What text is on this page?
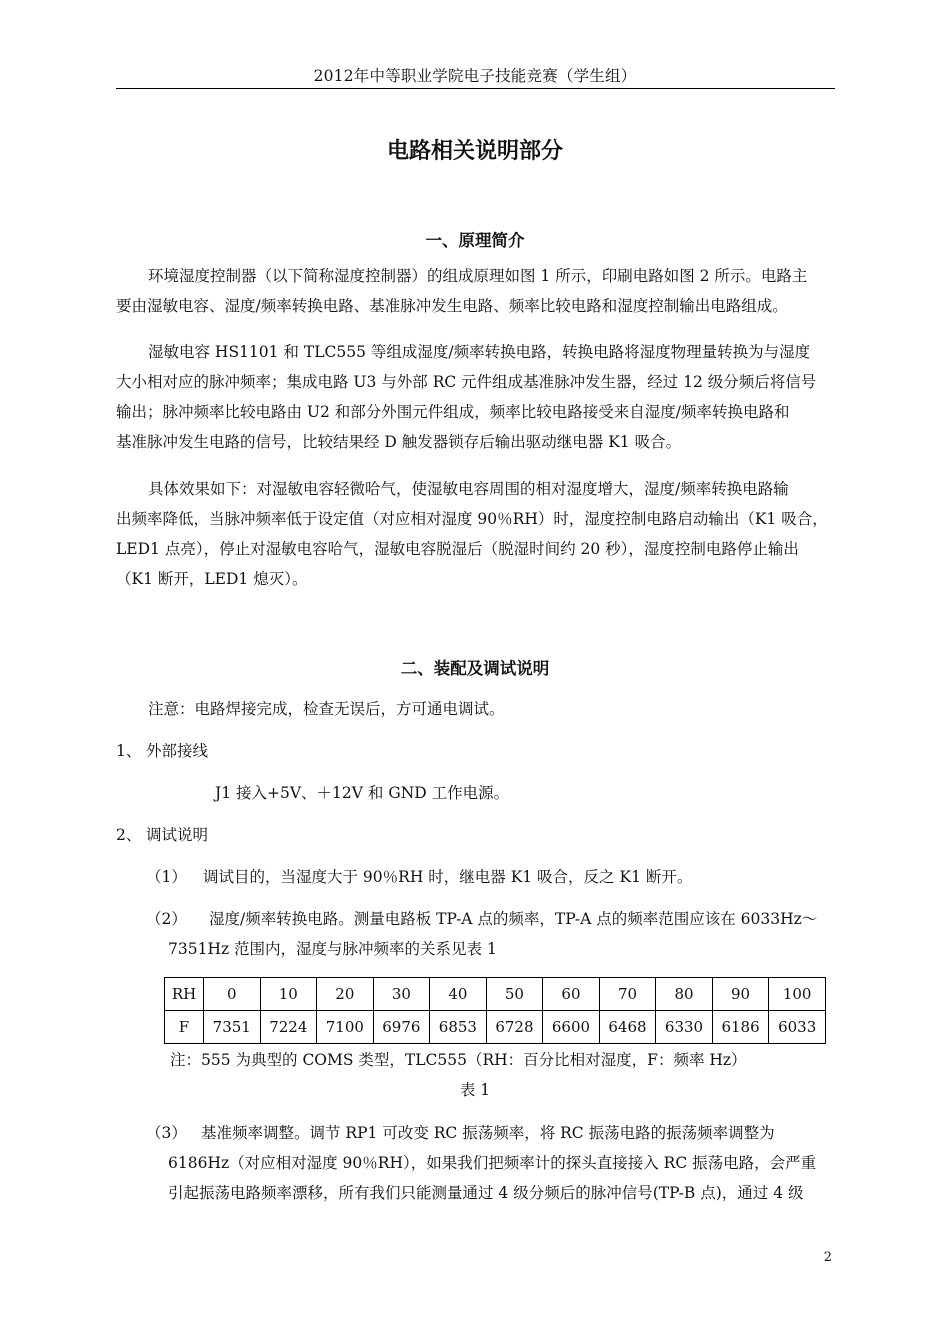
2012年中等职业学院电子技能竞赛（学生组）
电路相关说明部分
一、原理简介
环境湿度控制器（以下简称湿度控制器）的组成原理如图 1 所示，印刷电路如图 2 所示。电路主
要由湿敏电容、湿度/频率转换电路、基准脉冲发生电路、频率比较电路和湿度控制输出电路组成。
湿敏电容 HS1101 和 TLC555 等组成湿度/频率转换电路，转换电路将湿度物理量转换为与湿度
大小相对应的脉冲频率；集成电路 U3 与外部 RC 元件组成基准脉冲发生器，经过 12 级分频后将信号
输出；脉冲频率比较电路由 U2 和部分外围元件组成，频率比较电路接受来自湿度/频率转换电路和
基准脉冲发生电路的信号，比较结果经 D 触发器锁存后输出驱动继电器 K1 吸合。
具体效果如下：对湿敏电容轻微哈气，使湿敏电容周围的相对湿度增大，湿度/频率转换电路输
出频率降低，当脉冲频率低于设定值（对应相对湿度 90％RH）时，湿度控制电路启动输出（K1 吸合，
LED1 点亮），停止对湿敏电容哈气，湿敏电容脱湿后（脱湿时间约 20 秒），湿度控制电路停止输出
（K1 断开，LED1 熄灭）。
二、装配及调试说明
注意：电路焊接完成，检查无误后，方可通电调试。
1、 外部接线
J1 接入+5V、＋12V 和 GND 工作电源。
2、 调试说明
（1） 调试目的，当湿度大于 90％RH 时，继电器 K1 吸合，反之 K1 断开。
（2） 湿度/频率转换电路。测量电路板 TP-A 点的频率，TP-A 点的频率范围应该在 6033Hz～
7351Hz 范围内，湿度与脉冲频率的关系见表 1
RH	0	10	20	30	40	50	60	70	80	90	100
F	7351	7224	7100	6976	6853	6728	6600	6468	6330	6186	6033
注：555 为典型的 COMS 类型，TLC555（RH：百分比相对湿度，F：频率 Hz）
表 1
（3） 基准频率调整。调节 RP1 可改变 RC 振荡频率，将 RC 振荡电路的振荡频率调整为
6186Hz（对应相对湿度 90％RH），如果我们把频率计的探头直接接入 RC 振荡电路，会严重
引起振荡电路频率漂移，所有我们只能测量通过 4 级分频后的脉冲信号(TP-B 点)，通过 4 级
2
